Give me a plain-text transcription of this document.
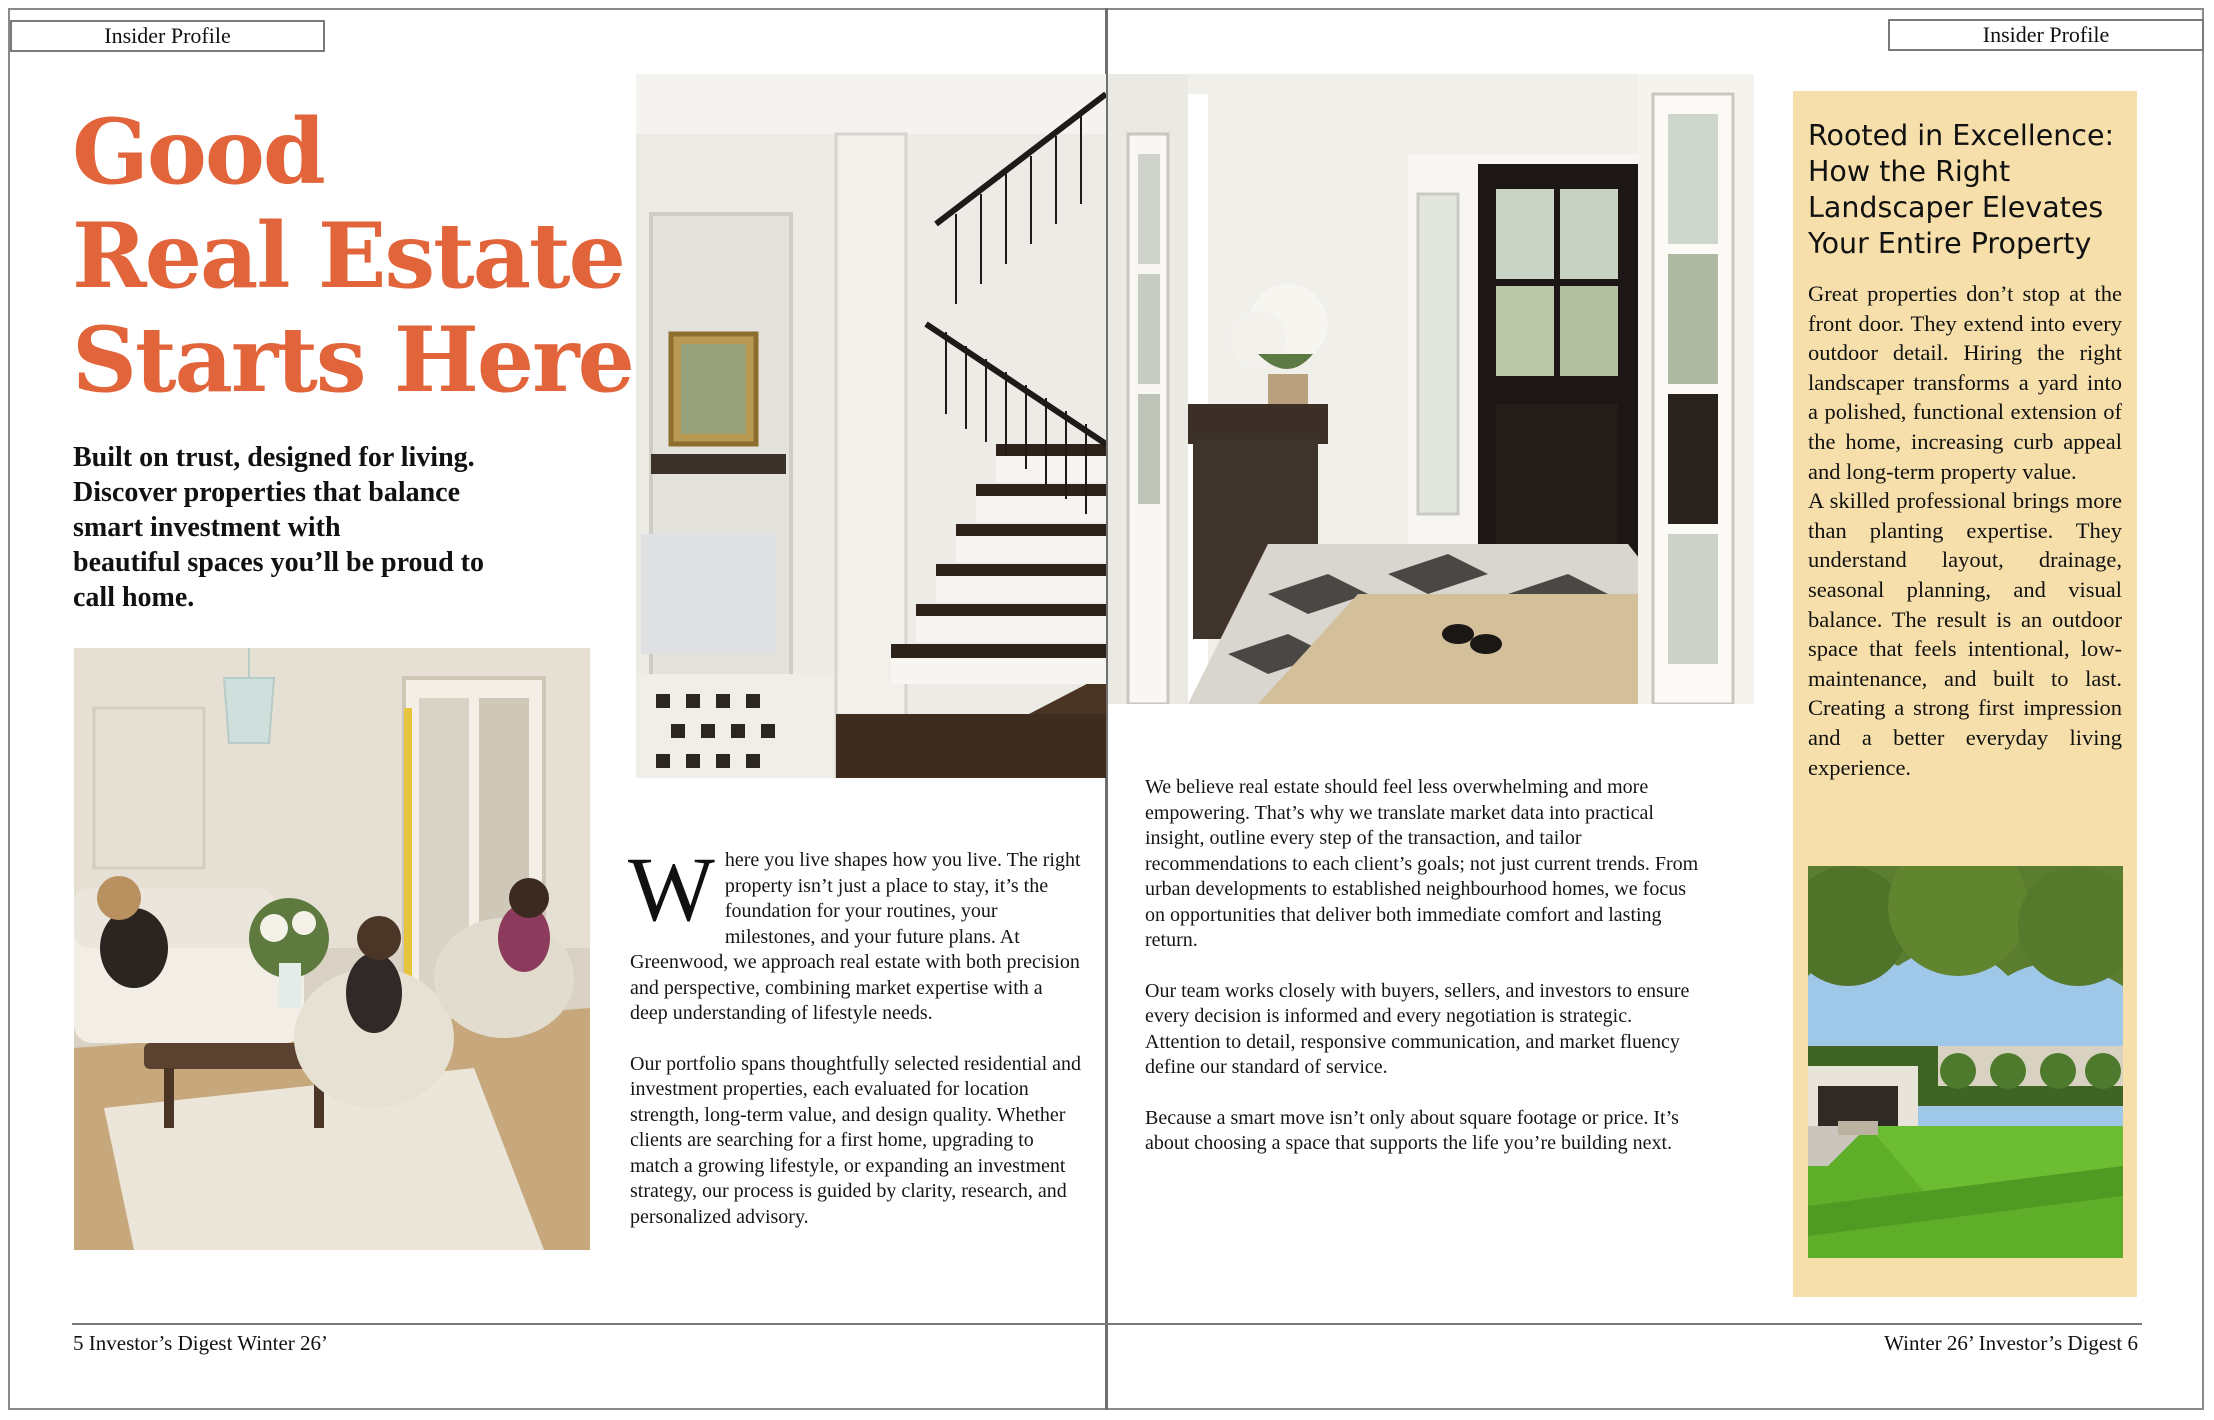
Insider Profile	Insider Profile
Good
Real Estate
Starts Here
Built on trust, designed for living.
Discover properties that balance
smart investment with
beautiful spaces you’ll be proud to
call home.

Where you live shapes how you live. The right property isn’t just a place to stay, it’s the foundation for your routines, your milestones, and your future plans. At Greenwood, we approach real estate with both precision and perspective, combining market expertise with a deep understanding of lifestyle needs.

Our portfolio spans thoughtfully selected residential and investment properties, each evaluated for location strength, long-term value, and design quality. Whether clients are searching for a first home, upgrading to match a growing lifestyle, or expanding an investment strategy, our process is guided by clarity, research, and personalized advisory.

We believe real estate should feel less overwhelming and more empowering. That’s why we translate market data into practical insight, outline every step of the transaction, and tailor recommendations to each client’s goals; not just current trends. From urban developments to established neighbourhood homes, we focus on opportunities that deliver both immediate comfort and lasting return.

Our team works closely with buyers, sellers, and investors to ensure every decision is informed and every negotiation is strategic. Attention to detail, responsive communication, and market fluency define our standard of service.

Because a smart move isn’t only about square footage or price. It’s about choosing a space that supports the life you’re building next.

Rooted in Excellence:
How the Right
Landscaper Elevates
Your Entire Property

Great properties don’t stop at the front door. They extend into every outdoor detail. Hiring the right landscaper transforms a yard into a polished, functional extension of the home, increasing curb appeal and long-term property value.

A skilled professional brings more than planting expertise. They understand layout, drainage, seasonal planning, and visual balance. The result is an outdoor space that feels intentional, low-maintenance, and built to last. Creating a strong first impression and a better everyday living experience.

5 Investor’s Digest Winter 26’	Winter 26’ Investor’s Digest 6
